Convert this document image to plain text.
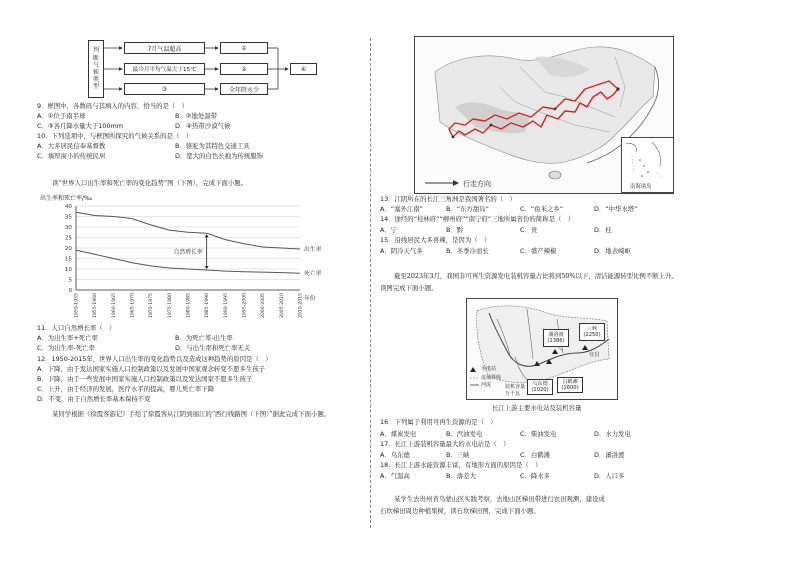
判
断
气
候
类
型
7月气温超高
最冷月平均气温大于15℃
③
①
②
全年降水少
④
9．框图中，各数码与其填入的内容，恰当的是（　）
A．①位于南半球	B．②地处温带
C．③各月降水量大于100mm	D．④热带沙漠气候
10．下列选项中，与框图所探究的气候关系的是（　）
A．大多居民信奉基督教	B．骆驼为其特色交通工具
C．墙厚窗小的传统民居	D．宽大的白色长袍为传统服饰
读“世界人口出生率和死亡率的变化趋势”图（下图），完成下面小题。
出生率和死亡率/‰
0
5
10
15
20
25
30
35
40
1950-1955	1955-1960	1960-1965	1965-1970	1970-1975	1975-1980	1980-1985	1985-1990	1990-1995	1995-2000	2000-2005	2005-2010	2010-2015
出生率
死亡率
自然增长率
年份
11．人口自然增长率（　）
A．为出生率+死亡率	B．为死亡率-出生率
C．为出生率-死亡率	D．与出生率和死亡率无关
12．1950-2015年，世界人口出生率的变化趋势以及造成这种趋势的原因是（　）
A．下降，由于发达国家实施人口控制政策以及发展中国家观念转变不愿多生孩子
B．下降，由于一些发展中国家实施人口控制政策以及发达国家不愿多生孩子
C．上升，由于经济的发展，医疗水平的提高，婴儿死亡率下降
D．不变，由于自然增长率基本保持不变
某同学根据《徐霞客游记》手绘了徐霞客从江阴到丽江的“西行线路图（下图）”据此完成下面小题。
行走方向	南海诸岛
13．江阴所在的长江三角洲是我国著名的（　）
A．“塞外江南”	B．“东方甜岛”	C．“鱼米之乡”	D．“中华水塔”
14．途经的“桂林府”“柳州府”“南宁府”三地所属省份的简称是（　）
A．宁	B．黔	C．贵	D．桂
15．沿线居民大多喜辣，是因为（　）
A．阴冷天气多	B．冬季冷而长	C．盛产辣椒	D．地表崎岖
截至2023年3月，我国非可再生资源发电装机容量占比将到50%以下，清洁能源转型比例不断上升。
读图完成下面小题。
三峡
(2250)
宜昌
溪洛渡
(1386)
白鹤滩
(1600)
乌东德
(1020)
水电站
流域界线
河流	装机容量
万千瓦
长江上游主要水电站及装机容量
16．下列属于利用可再生资源的是（　）
A．煤炭发电	B．汽油发电	C．柴油发电	D．水力发电
17．长江上游装机容量最大的水电站是（　）
A．乌东德	B．三峡	C．白鹤滩	D．溪洛渡
18．长江上游水能资源丰富，有地形方面的原因是（　）
A．气温高	B．落差大	C．降水多	D．人口多
某学生去贵州省乌蒙山区实践考察，去地山区梯田带进行农田观测，建设成
石坎梯田周边种植果树，读石坎梯田图，完成下面小题。
